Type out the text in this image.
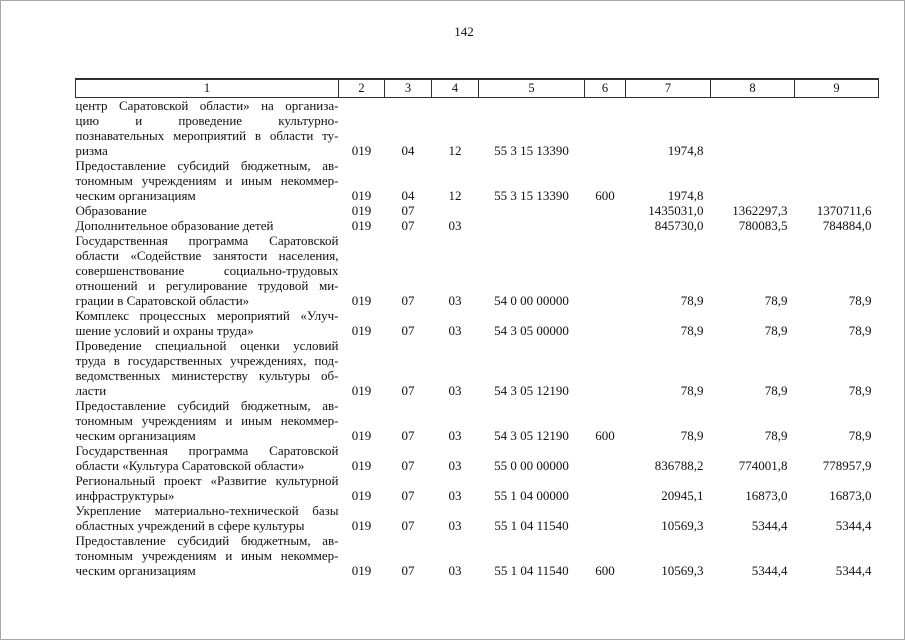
142
1	2	3	4	5	6	7	8	9

центр Саратовской области» на организа-
цию и проведение культурно-
познавательных мероприятий в области ту-
ризма	019	04	12	55 3 15 13390		1974,8		

Предоставление субсидий бюджетным, ав-
тономным учреждениям и иным некоммер-
ческим организациям	019	04	12	55 3 15 13390	600	1974,8		

Образование	019	07				1435031,0	1362297,3	1370711,6

Дополнительное образование детей	019	07	03			845730,0	780083,5	784884,0

Государственная программа Саратовской
области «Содействие занятости населения,
совершенствование социально-трудовых
отношений и регулирование трудовой ми-
грации в Саратовской области»	019	07	03	54 0 00 00000		78,9	78,9	78,9

Комплекс процессных мероприятий «Улуч-
шение условий и охраны труда»	019	07	03	54 3 05 00000		78,9	78,9	78,9

Проведение специальной оценки условий
труда в государственных учреждениях, под-
ведомственных министерству культуры об-
ласти	019	07	03	54 3 05 12190		78,9	78,9	78,9

Предоставление субсидий бюджетным, ав-
тономным учреждениям и иным некоммер-
ческим организациям	019	07	03	54 3 05 12190	600	78,9	78,9	78,9

Государственная программа Саратовской
области «Культура Саратовской области»	019	07	03	55 0 00 00000		836788,2	774001,8	778957,9

Региональный проект «Развитие культурной
инфраструктуры»	019	07	03	55 1 04 00000		20945,1	16873,0	16873,0

Укрепление материально-технической базы
областных учреждений в сфере культуры	019	07	03	55 1 04 11540		10569,3	5344,4	5344,4

Предоставление субсидий бюджетным, ав-
тономным учреждениям и иным некоммер-
ческим организациям	019	07	03	55 1 04 11540	600	10569,3	5344,4	5344,4
